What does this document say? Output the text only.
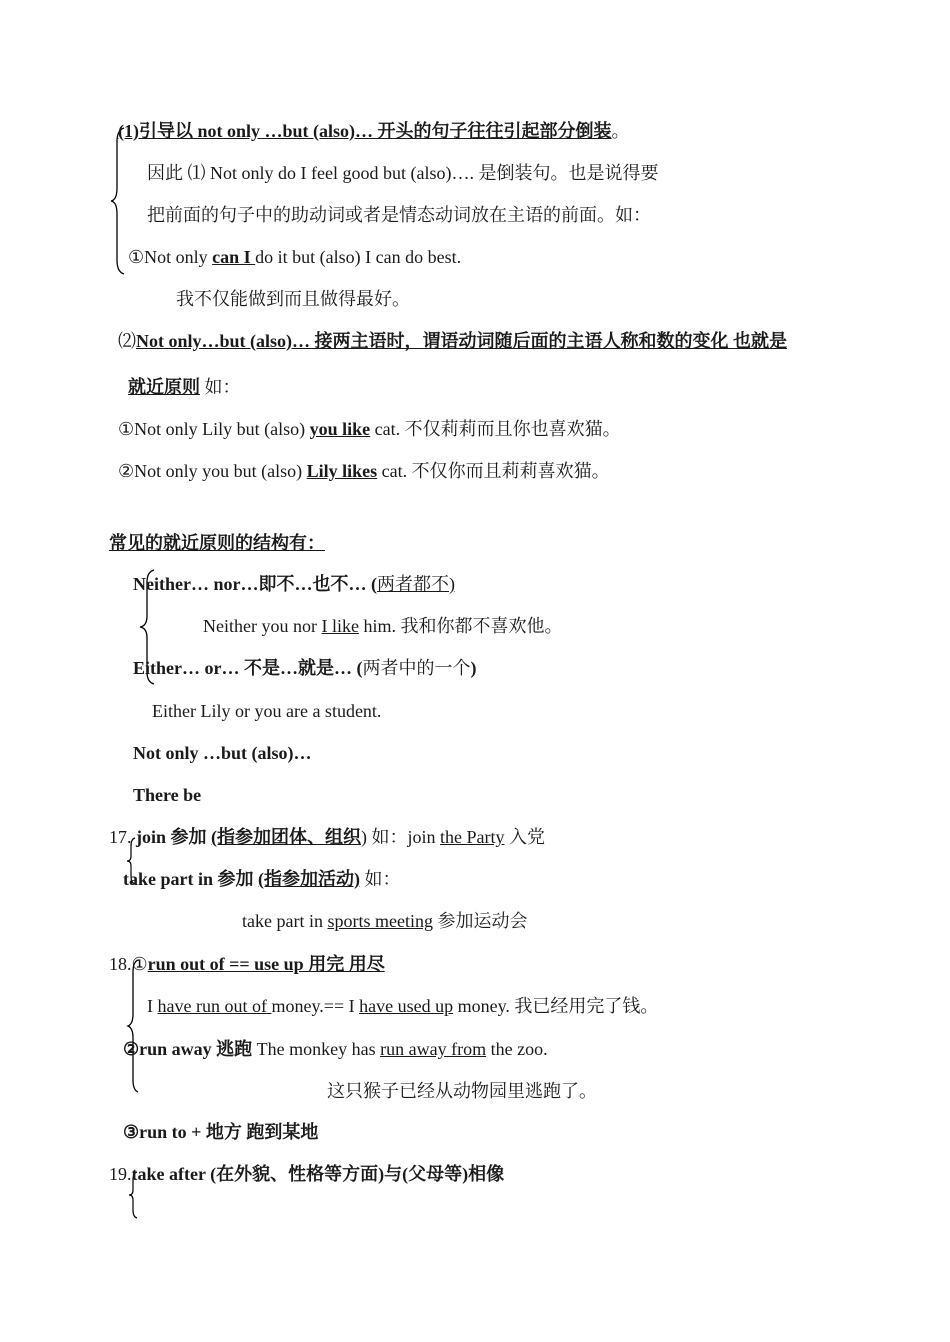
(1)引导以 not only …but (also)… 开头的句子往往引起部分倒装。
因此 ⑴ Not only do I feel good but (also)…. 是倒装句。也是说得要
把前面的句子中的助动词或者是情态动词放在主语的前面。如：
①Not only can I do it but (also) I can do best.
我不仅能做到而且做得最好。
⑵Not only…but (also)… 接两主语时，谓语动词随后面的主语人称和数的变化 也就是
就近原则 如：
①Not only Lily but (also) you like cat. 不仅莉莉而且你也喜欢猫。
②Not only you but (also) Lily likes cat. 不仅你而且莉莉喜欢猫。
常见的就近原则的结构有：
Neither… nor…即不…也不… (两者都不)
Neither you nor I like him. 我和你都不喜欢他。
Either… or… 不是…就是… (两者中的一个)
Either Lily or you are a student.
Not only …but (also)…
There be
17. join 参加 (指参加团体、组织) 如：join the Party 入党
take part in 参加 (指参加活动) 如：
take part in sports meeting 参加运动会
18.①run out of == use up 用完 用尽
I have run out of money.== I have used up money. 我已经用完了钱。
②run away 逃跑 The monkey has run away from the zoo.
这只猴子已经从动物园里逃跑了。
③run to + 地方 跑到某地
19.take after (在外貌、性格等方面)与(父母等)相像
